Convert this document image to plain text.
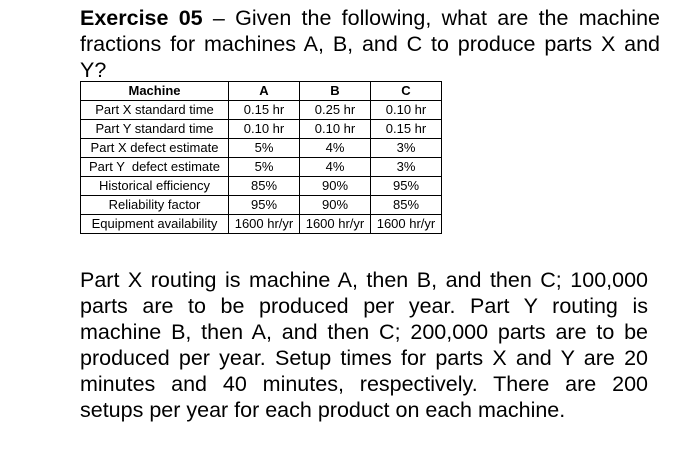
Exercise 05 – Given the following, what are the machine fractions for machines A, B, and C to produce parts X and Y?
Machine	A	B	C
Part X standard time	0.15 hr	0.25 hr	0.10 hr
Part Y standard time	0.10 hr	0.10 hr	0.15 hr
Part X defect estimate	5%	4%	3%
Part Y  defect estimate	5%	4%	3%
Historical efficiency	85%	90%	95%
Reliability factor	95%	90%	85%
Equipment availability	1600 hr/yr	1600 hr/yr	1600 hr/yr
Part X routing is machine A, then B, and then C; 100,000 parts are to be produced per year. Part Y routing is machine B, then A, and then C; 200,000 parts are to be produced per year. Setup times for parts X and Y are 20 minutes and 40 minutes, respectively. There are 200 setups per year for each product on each machine.
